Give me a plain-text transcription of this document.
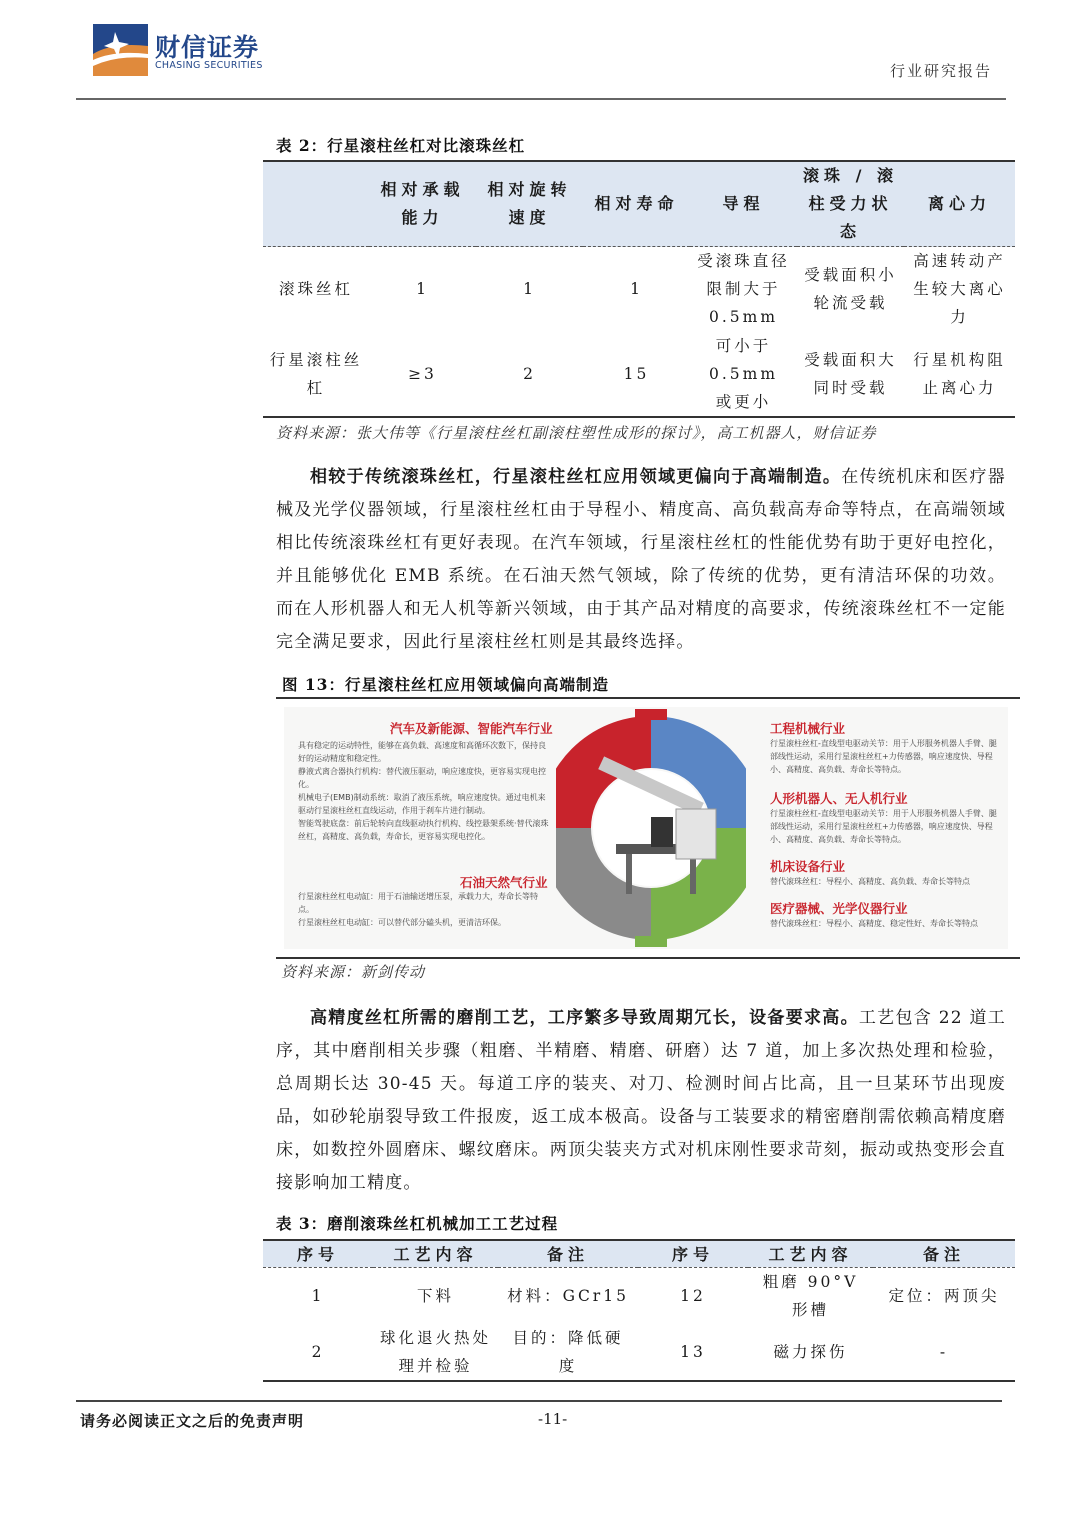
财信证券
CHASING SECURITIES	行业研究报告
表 2：行星滚柱丝杠对比滚珠丝杠
	相对承载能力	相对旋转速度	相对寿命	导程	滚珠 / 滚柱受力状态	离心力
滚珠丝杠	1	1	1	受滚珠直径限制大于 0.5mm	受载面积小轮流受载	高速转动产生较大离心力
行星滚柱丝杠	≥3	2	15	可小于 0.5mm 或更小	受载面积大同时受载	行星机构阻止离心力
资料来源：张大伟等《行星滚柱丝杠副滚柱塑性成形的探讨》，高工机器人，财信证券

相较于传统滚珠丝杠，行星滚柱丝杠应用领域更偏向于高端制造。在传统机床和医疗器械及光学仪器领域，行星滚柱丝杠由于导程小、精度高、高负载高寿命等特点，在高端领域相比传统滚珠丝杠有更好表现。在汽车领域，行星滚柱丝杠的性能优势有助于更好电控化，并且能够优化 EMB 系统。在石油天然气领域，除了传统的优势，更有清洁环保的功效。而在人形机器人和无人机等新兴领域，由于其产品对精度的高要求，传统滚珠丝杠不一定能完全满足要求，因此行星滚柱丝杠则是其最终选择。

图 13：行星滚柱丝杠应用领域偏向高端制造
汽车及新能源、智能汽车行业
具有稳定的运动特性，能够在高负载、高速度和高循环次数下，保持良好的运动精度和稳定性。
静液式离合器执行机构：替代液压驱动，响应速度快，更容易实现电控化。
机械电子(EMB)制动系统：取消了液压系统，响应速度快。通过电机来驱动行星滚柱丝杠直线运动，作用于刹车片进行制动。
智能驾驶底盘：前后轮转向直线驱动执行机构、线控悬架系统·替代滚珠丝杠，高精度、高负载，寿命长，更容易实现电控化。
石油天然气行业
行星滚柱丝杠电动缸：用于石油输送增压泵，承载力大，寿命长等特点。
行星滚柱丝杠电动缸：可以替代部分磕头机，更清洁环保。
工程机械行业
行星滚柱丝杠-直线型电驱动关节：用于人形服务机器人手臂、腿部线性运动，采用行星滚柱丝杠+力传感器，响应速度快、导程小、高精度、高负载、寿命长等特点。
人形机器人、无人机行业
行星滚柱丝杠-直线型电驱动关节：用于人形服务机器人手臂、腿部线性运动，采用行星滚柱丝杠+力传感器，响应速度快、导程小、高精度、高负载、寿命长等特点。
机床设备行业
替代滚珠丝杠：导程小、高精度、高负载、寿命长等特点
医疗器械、光学仪器行业
替代滚珠丝杠：导程小、高精度、稳定性好、寿命长等特点
资料来源：新剑传动

高精度丝杠所需的磨削工艺，工序繁多导致周期冗长，设备要求高。工艺包含 22 道工序，其中磨削相关步骤（粗磨、半精磨、精磨、研磨）达 7 道，加上多次热处理和检验，总周期长达 30-45 天。每道工序的装夹、对刀、检测时间占比高，且一旦某环节出现废品，如砂轮崩裂导致工件报废，返工成本极高。设备与工装要求的精密磨削需依赖高精度磨床，如数控外圆磨床、螺纹磨床。两顶尖装夹方式对机床刚性要求苛刻，振动或热变形会直接影响加工精度。

表 3：磨削滚珠丝杠机械加工工艺过程
序号	工艺内容	备注	序号	工艺内容	备注
1	下料	材料：GCr15	12	粗磨 90°V 形槽	定位：两顶尖
2	球化退火热处理并检验	目的：降低硬度	13	磁力探伤	-
请务必阅读正文之后的免责声明	-11-
